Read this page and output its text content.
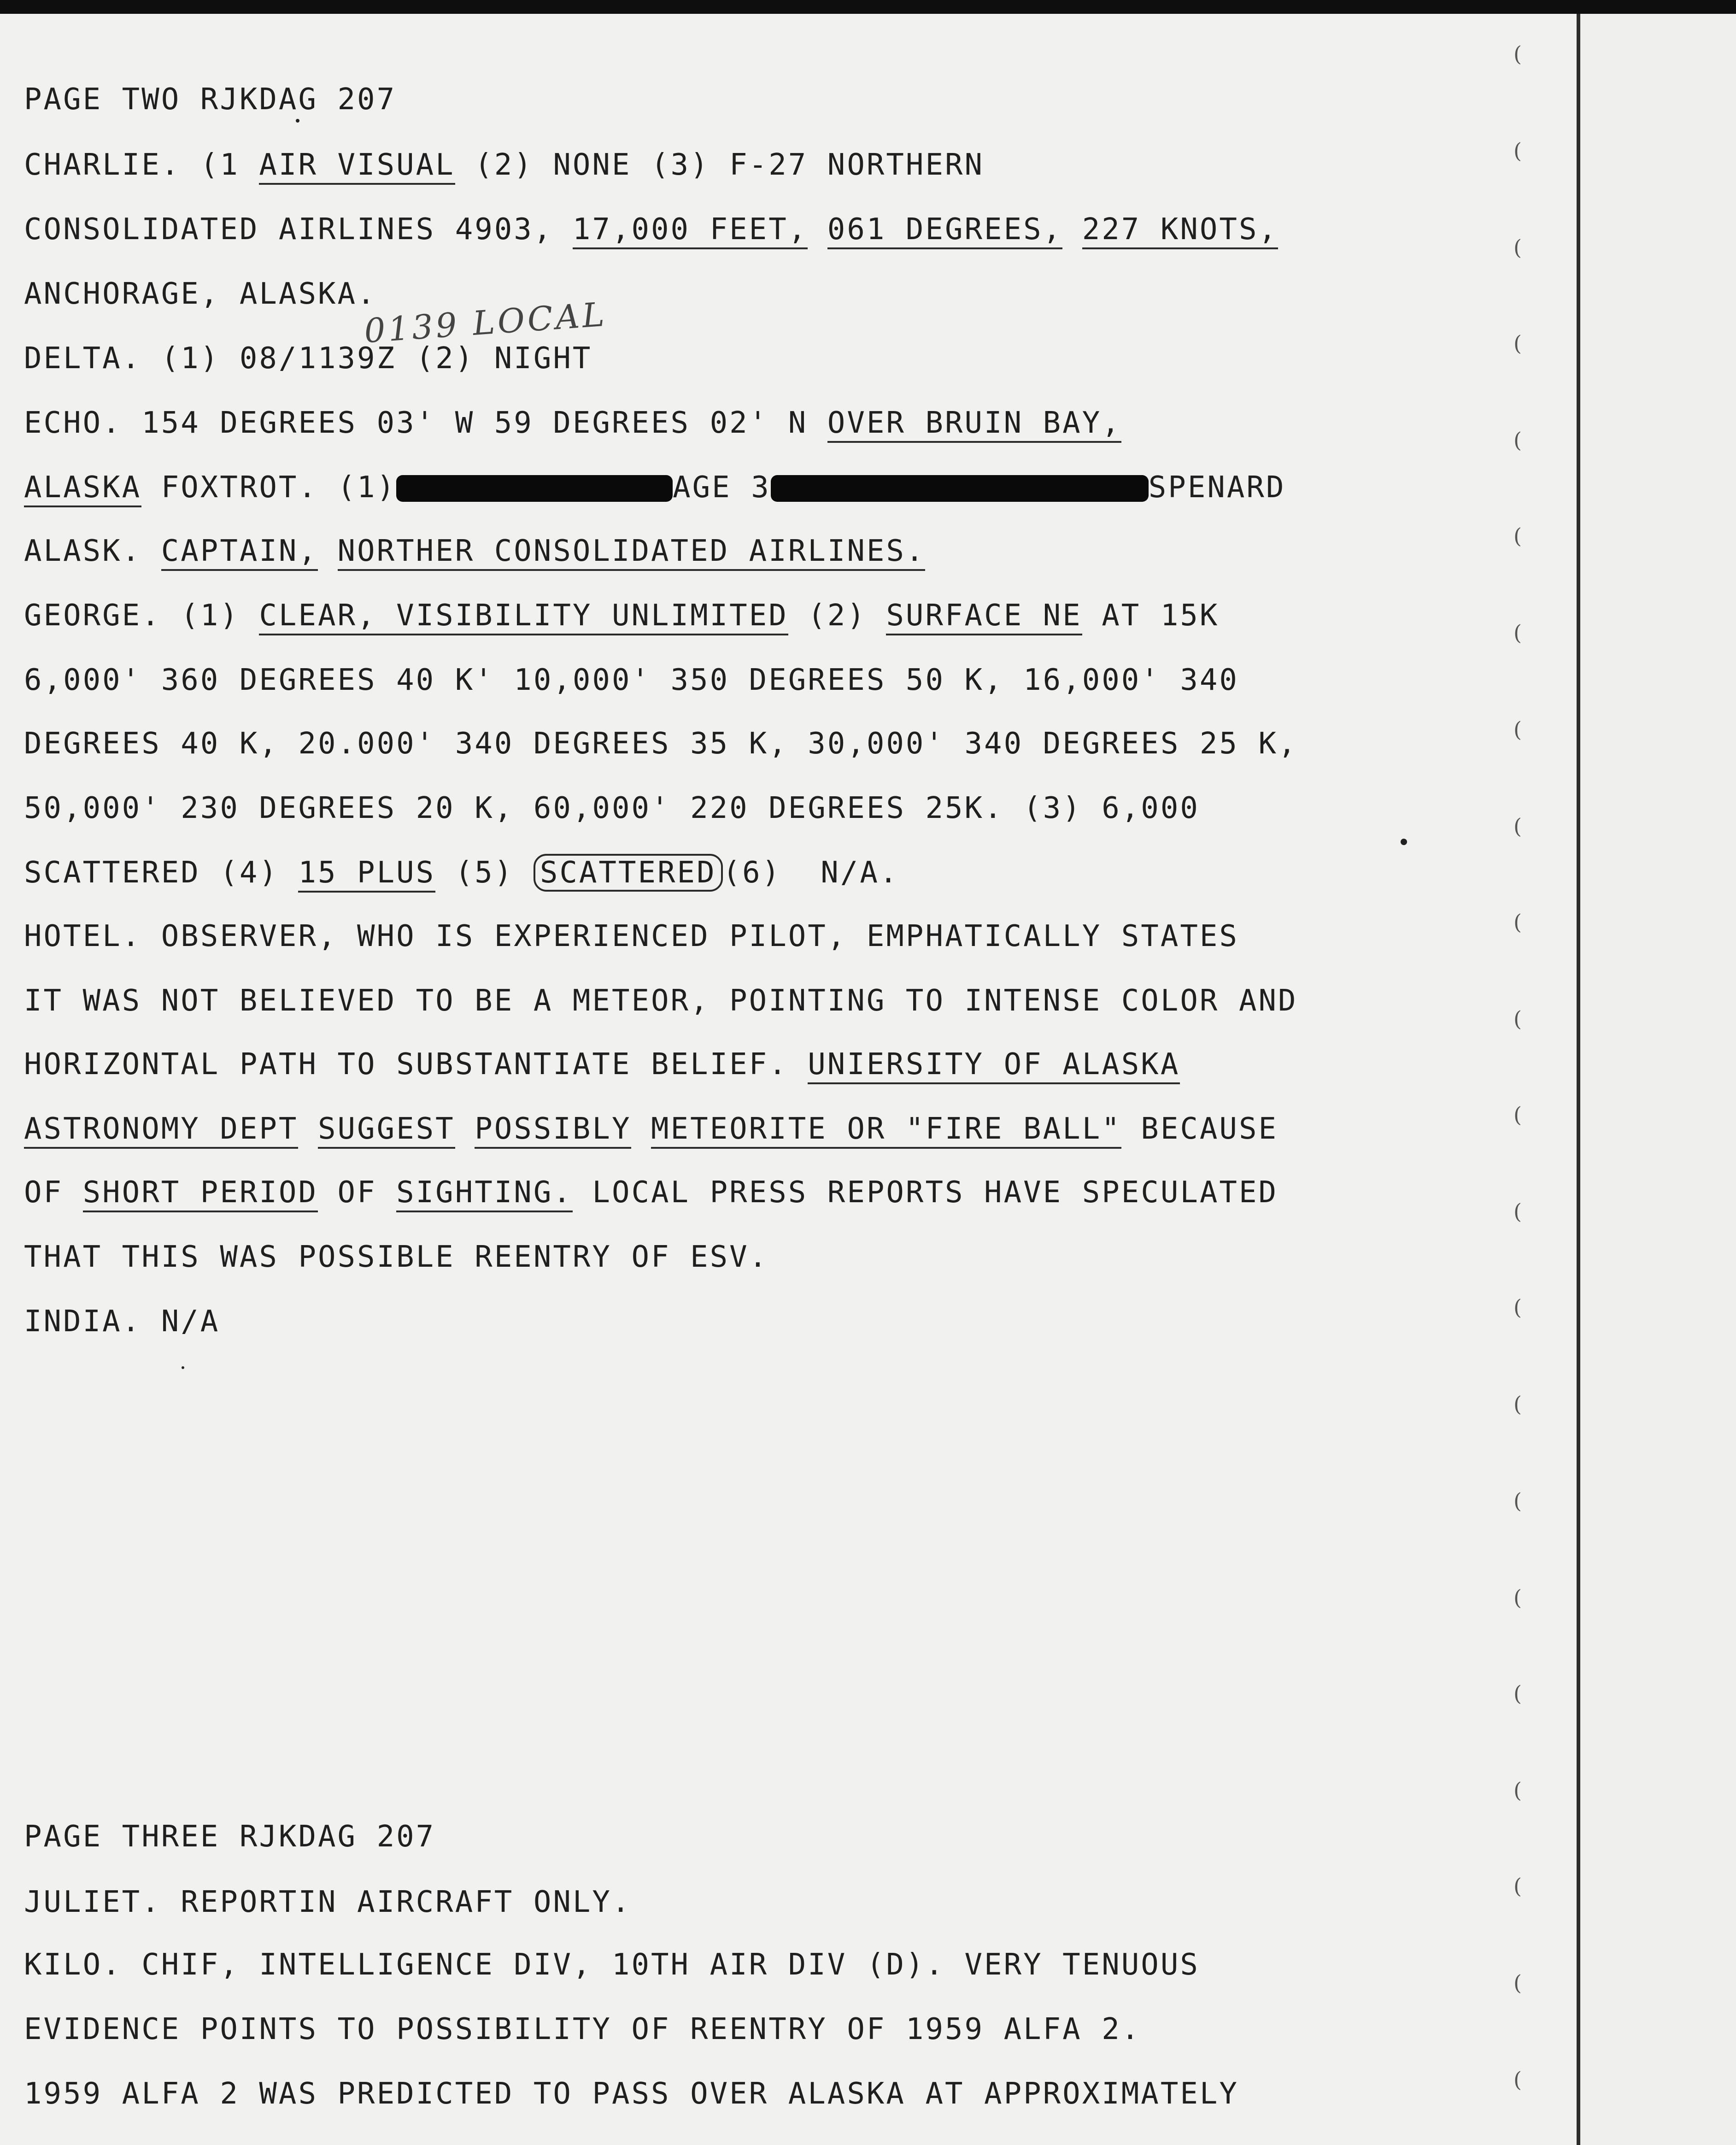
PAGE TWO RJKDAG 207
CHARLIE. (1 AIR VISUAL (2) NONE (3) F-27 NORTHERN
CONSOLIDATED AIRLINES 4903, 17,000 FEET, 061 DEGREES, 227 KNOTS,
ANCHORAGE, ALASKA.
0139 LOCAL
DELTA. (1) 08/1139Z (2) NIGHT
ECHO. 154 DEGREES 03' W 59 DEGREES 02' N OVER BRUIN BAY,
ALASKA FOXTROT. (1)	AGE 3	SPENARD
ALASK. CAPTAIN, NORTHER CONSOLIDATED AIRLINES.
GEORGE. (1) CLEAR, VISIBILITY UNLIMITED (2) SURFACE NE AT 15K
6,000' 360 DEGREES 40 K' 10,000' 350 DEGREES 50 K, 16,000' 340
DEGREES 40 K, 20.000' 340 DEGREES 35 K, 30,000' 340 DEGREES 25 K,
50,000' 230 DEGREES 20 K, 60,000' 220 DEGREES 25K. (3) 6,000
SCATTERED (4) 15 PLUS (5) SCATTERED (6)  N/A.
HOTEL. OBSERVER, WHO IS EXPERIENCED PILOT, EMPHATICALLY STATES
IT WAS NOT BELIEVED TO BE A METEOR, POINTING TO INTENSE COLOR AND
HORIZONTAL PATH TO SUBSTANTIATE BELIEF. UNIERSITY OF ALASKA
ASTRONOMY DEPT SUGGEST POSSIBLY METEORITE OR "FIRE BALL" BECAUSE
OF SHORT PERIOD OF SIGHTING. LOCAL PRESS REPORTS HAVE SPECULATED
THAT THIS WAS POSSIBLE REENTRY OF ESV.
INDIA. N/A
PAGE THREE RJKDAG 207
JULIET. REPORTIN AIRCRAFT ONLY.
KILO. CHIF, INTELLIGENCE DIV, 10TH AIR DIV (D). VERY TENUOUS
EVIDENCE POINTS TO POSSIBILITY OF REENTRY OF 1959 ALFA 2.
1959 ALFA 2 WAS PREDICTED TO PASS OVER ALASKA AT APPROXIMATELY
(
(
(
(
(
(
(
(
(
(
(
(
(
(
(
(
(
(
(
(
(
(
